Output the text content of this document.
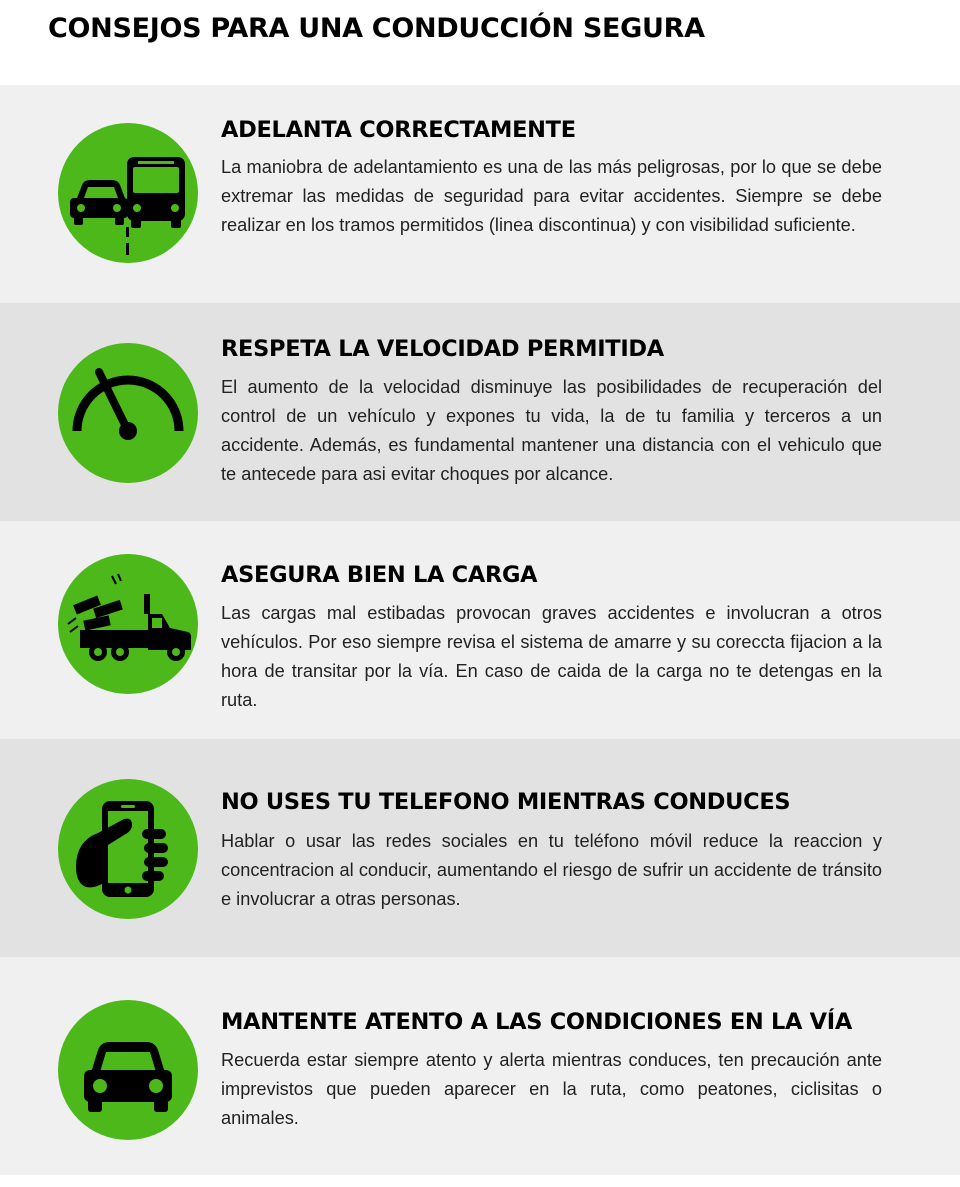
CONSEJOS PARA UNA CONDUCCIÓN SEGURA
ADELANTA CORRECTAMENTE

La maniobra de adelantamiento es una de las más peligrosas, por lo que se debe extremar las medidas de seguridad para evitar accidentes. Siempre se debe realizar en los tramos permitidos (linea discontinua) y con visibilidad suficiente.

RESPETA LA VELOCIDAD PERMITIDA

El aumento de la velocidad disminuye las posibilidades de recuperación del control de un vehículo y expones tu vida, la de tu familia y terceros a un accidente. Además, es fundamental mantener una distancia con el vehiculo que te antecede para asi evitar choques por alcance.

ASEGURA BIEN LA CARGA

Las cargas mal estibadas provocan graves accidentes e involucran a otros vehículos. Por eso siempre revisa el sistema de amarre y su coreccta fijacion a la hora de transitar por la vía. En caso de caida de la carga no te detengas en la ruta.

NO USES TU TELEFONO MIENTRAS CONDUCES

Hablar o usar las redes sociales en tu teléfono móvil reduce la reaccion y concentracion al conducir, aumentando el riesgo de sufrir un accidente de tránsito e involucrar a otras personas.

MANTENTE ATENTO A LAS CONDICIONES EN LA VÍA

Recuerda estar siempre atento y alerta mientras conduces, ten precaución ante imprevistos que pueden aparecer en la ruta, como peatones, ciclisitas o animales.
